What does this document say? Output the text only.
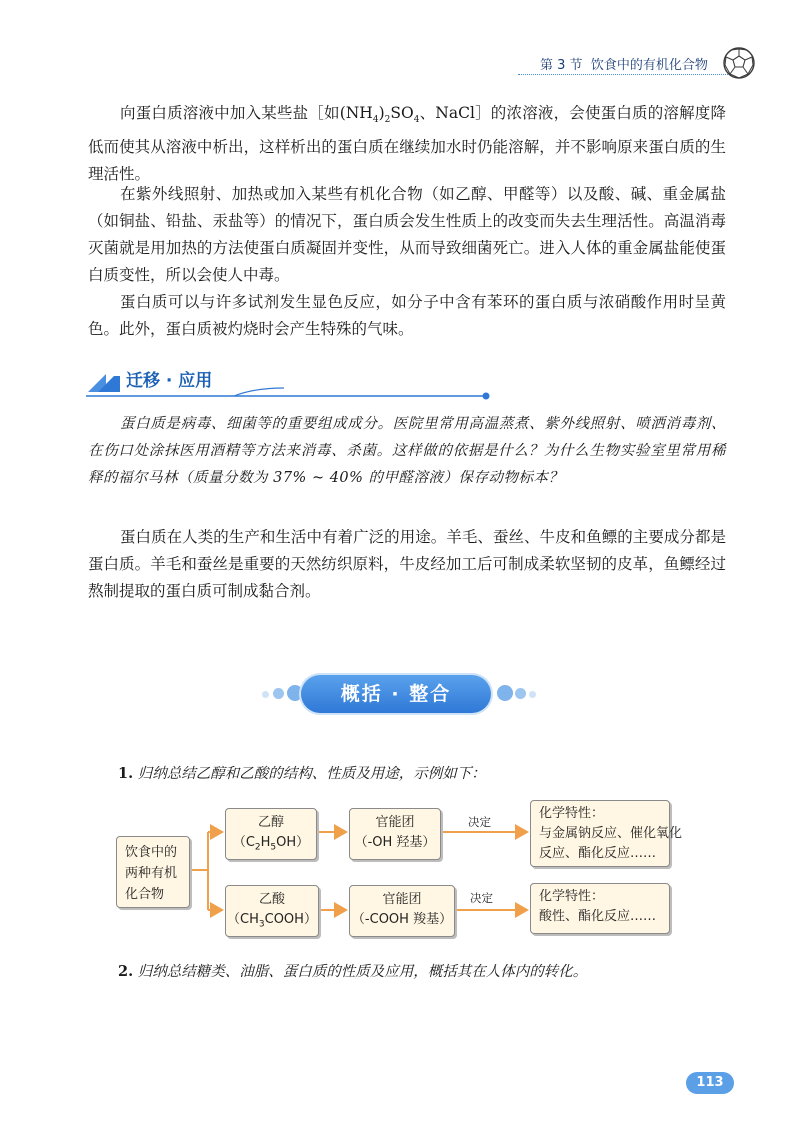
第 3 节 饮食中的有机化合物
向蛋白质溶液中加入某些盐［如$(NH_4)_2SO_4$、NaCl］的浓溶液，会使蛋白质的溶解度降低而使其从溶液中析出，这样析出的蛋白质在继续加水时仍能溶解，并不影响原来蛋白质的生理活性。
在紫外线照射、加热或加入某些有机化合物（如乙醇、甲醛等）以及酸、碱、重金属盐（如铜盐、铅盐、汞盐等）的情况下，蛋白质会发生性质上的改变而失去生理活性。高温消毒灭菌就是用加热的方法使蛋白质凝固并变性，从而导致细菌死亡。进入人体的重金属盐能使蛋白质变性，所以会使人中毒。
蛋白质可以与许多试剂发生显色反应，如分子中含有苯环的蛋白质与浓硝酸作用时呈黄色。此外，蛋白质被灼烧时会产生特殊的气味。
迁移 · 应用
蛋白质是病毒、细菌等的重要组成成分。医院里常用高温蒸煮、紫外线照射、喷洒消毒剂、在伤口处涂抹医用酒精等方法来消毒、杀菌。这样做的依据是什么？为什么生物实验室里常用稀释的福尔马林（质量分数为 37% ~ 40% 的甲醛溶液）保存动物标本？
蛋白质在人类的生产和生活中有着广泛的用途。羊毛、蚕丝、牛皮和鱼鳔的主要成分都是蛋白质。羊毛和蚕丝是重要的天然纺织原料，牛皮经加工后可制成柔软坚韧的皮革，鱼鳔经过熬制提取的蛋白质可制成黏合剂。
概括 · 整合
1. 归纳总结乙醇和乙酸的结构、性质及用途，示例如下：
饮食中的
两种有机
化合物
乙醇
$(C_2H_5OH)$
乙酸
$(CH_3COOH)$
官能团
（-OH 羟基）
官能团
（-COOH 羧基）
决定
决定
化学特性：
与金属钠反应、催化氧化
反应、酯化反应……
化学特性：
酸性、酯化反应……
2. 归纳总结糖类、油脂、蛋白质的性质及应用，概括其在人体内的转化。
113
